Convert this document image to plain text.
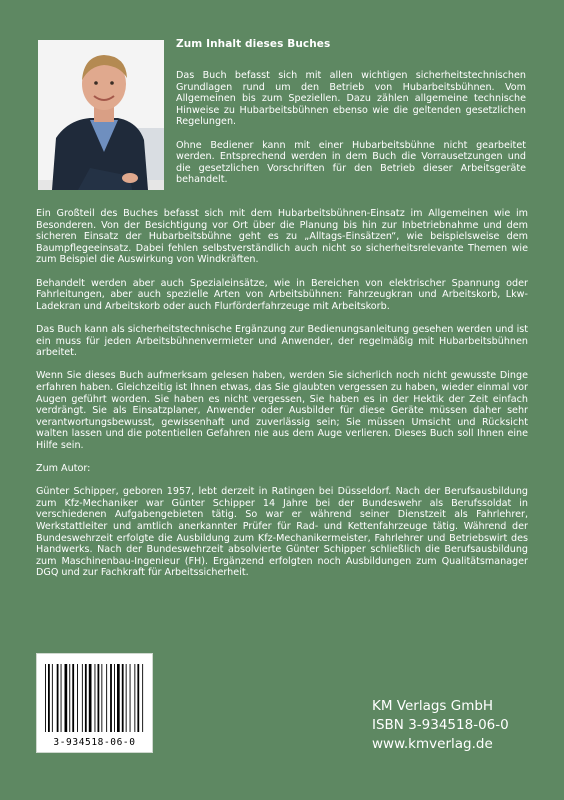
Zum Inhalt dieses Buches

Das Buch befasst sich mit allen wichtigen sicherheitstechnischen Grundlagen rund um den Betrieb von Hubarbeitsbühnen. Vom Allgemeinen bis zum Speziellen. Dazu zählen allgemeine technische Hinweise zu Hubarbeitsbühnen ebenso wie die geltenden gesetzlichen Regelungen.

Ohne Bediener kann mit einer Hubarbeitsbühne nicht gearbeitet werden. Entsprechend werden in dem Buch die Vorrausetzungen und die gesetzlichen Vorschriften für den Betrieb dieser Arbeitsgeräte behandelt.

Ein Großteil des Buches befasst sich mit dem Hubarbeitsbühnen-Einsatz im Allgemeinen wie im Besonderen. Von der Besichtigung vor Ort über die Planung bis hin zur Inbetriebnahme und dem sicheren Einsatz der Hubarbeitsbühne geht es zu „Alltags-Einsätzen“, wie beispielsweise dem Baumpflegeeinsatz. Dabei fehlen selbstverständlich auch nicht so sicherheitsrelevante Themen wie zum Beispiel die Auswirkung von Windkräften.

Behandelt werden aber auch Spezialeinsätze, wie in Bereichen von elektrischer Spannung oder Fahrleitungen, aber auch spezielle Arten von Arbeitsbühnen: Fahrzeugkran und Arbeitskorb, Lkw-Ladekran und Arbeitskorb oder auch Flurförderfahrzeuge mit Arbeitskorb.

Das Buch kann als sicherheitstechnische Ergänzung zur Bedienungsanleitung gesehen werden und ist ein muss für jeden Arbeitsbühnenvermieter und Anwender, der regelmäßig mit Hubarbeitsbühnen arbeitet.

Wenn Sie dieses Buch aufmerksam gelesen haben, werden Sie sicherlich noch nicht gewusste Dinge erfahren haben. Gleichzeitig ist Ihnen etwas, das Sie glaubten vergessen zu haben, wieder einmal vor Augen geführt worden. Sie haben es nicht vergessen, Sie haben es in der Hektik der Zeit einfach verdrängt. Sie als Einsatzplaner, Anwender oder Ausbilder für diese Geräte müssen daher sehr verantwortungsbewusst, gewissenhaft und zuverlässig sein; Sie müssen Umsicht und Rücksicht walten lassen und die potentiellen Gefahren nie aus dem Auge verlieren. Dieses Buch soll Ihnen eine Hilfe sein.

Zum Autor:

Günter Schipper, geboren 1957, lebt derzeit in Ratingen bei Düsseldorf. Nach der Berufsausbildung zum Kfz-Mechaniker war Günter Schipper 14 Jahre bei der Bundeswehr als Berufssoldat in verschiedenen Aufgabengebieten tätig. So war er während seiner Dienstzeit als Fahrlehrer, Werkstattleiter und amtlich anerkannter Prüfer für Rad- und Kettenfahrzeuge tätig. Während der Bundeswehrzeit erfolgte die Ausbildung zum Kfz-Mechanikermeister, Fahrlehrer und Betriebswirt des Handwerks. Nach der Bundeswehrzeit absolvierte Günter Schipper schließlich die Berufsausbildung zum Maschinenbau-Ingenieur (FH). Ergänzend erfolgten noch Ausbildungen zum Qualitätsmanager DGQ und zur Fachkraft für Arbeitssicherheit.

3-934518-06-0
KM Verlags GmbH
ISBN 3-934518-06-0
www.kmverlag.de
